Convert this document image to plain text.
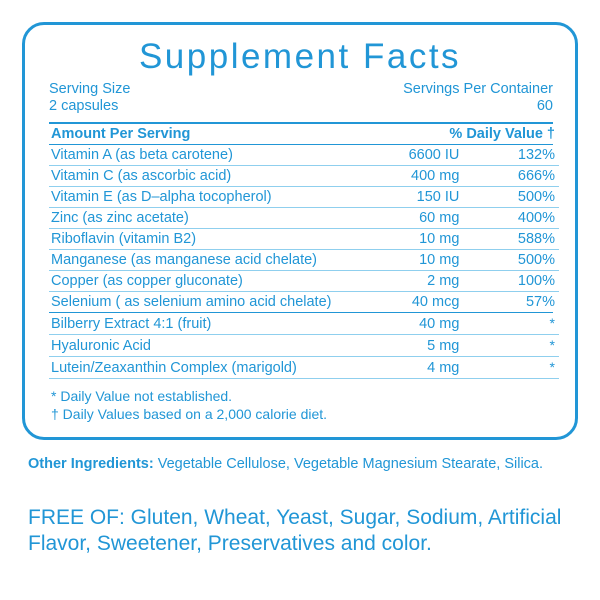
Supplement Facts
Serving Size
2 capsules
Servings Per Container
60
Amount Per Serving		% Daily Value †
Vitamin A (as beta carotene)	6600 IU	132%
Vitamin C (as ascorbic acid)	400 mg	666%
Vitamin E (as D–alpha tocopherol)	150 IU	500%
Zinc (as zinc acetate)	60 mg	400%
Riboflavin (vitamin B2)	10 mg	588%
Manganese (as manganese acid chelate)	10 mg	500%
Copper (as copper gluconate)	2 mg	100%
Selenium ( as selenium amino acid chelate)	40 mcg	57%
Bilberry Extract 4:1 (fruit)	40 mg	*
Hyaluronic Acid	5 mg	*
Lutein/Zeaxanthin Complex (marigold)	4 mg	*
* Daily Value not established.
† Daily Values based on a 2,000 calorie diet.
Other Ingredients: Vegetable Cellulose, Vegetable Magnesium Stearate, Silica.
FREE OF: Gluten, Wheat, Yeast, Sugar, Sodium, Artificial Flavor, Sweetener, Preservatives and color.
